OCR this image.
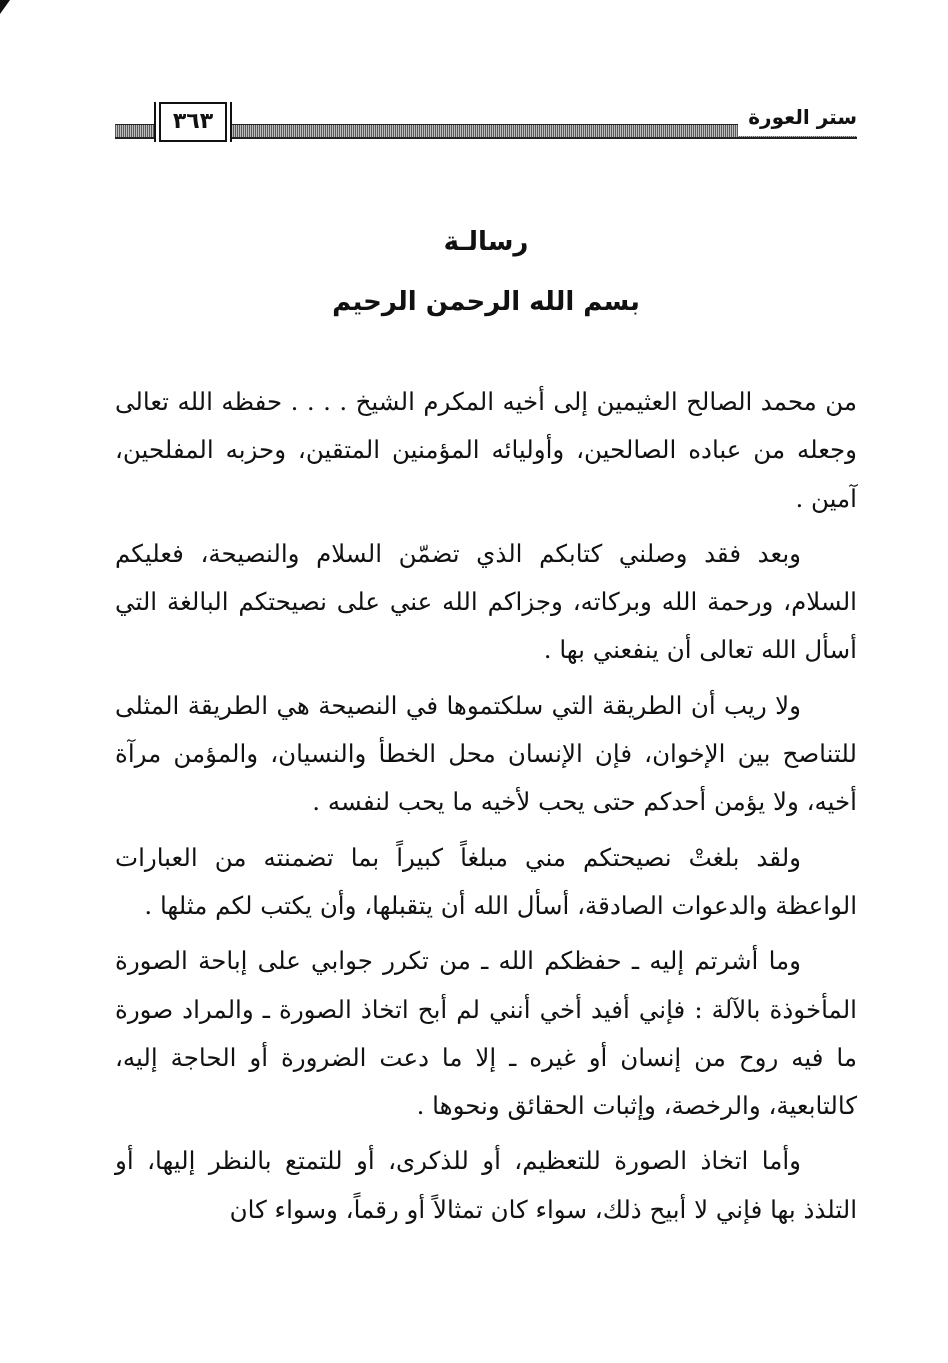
ستر العورة
٣٦٣
رسالـة
بسم الله الرحمن الرحيم

من محمد الصالح العثيمين إلى أخيه المكرم الشيخ . . . . حفظه الله تعالى وجعله من عباده الصالحين، وأوليائه المؤمنين المتقين، وحزبه المفلحين، آمين .

وبعد فقد وصلني كتابكم الذي تضمّن السلام والنصيحة، فعليكم السلام، ورحمة الله وبركاته، وجزاكم الله عني على نصيحتكم البالغة التي أسأل الله تعالى أن ينفعني بها .

ولا ريب أن الطريقة التي سلكتموها في النصيحة هي الطريقة المثلى للتناصح بين الإخوان، فإن الإنسان محل الخطأ والنسيان، والمؤمن مرآة أخيه، ولا يؤمن أحدكم حتى يحب لأخيه ما يحب لنفسه .

ولقد بلغتْ نصيحتكم مني مبلغاً كبيراً بما تضمنته من العبارات الواعظة والدعوات الصادقة، أسأل الله أن يتقبلها، وأن يكتب لكم مثلها .

وما أشرتم إليه ـ حفظكم الله ـ من تكرر جوابي على إباحة الصورة المأخوذة بالآلة : فإني أفيد أخي أنني لم أبح اتخاذ الصورة ـ والمراد صورة ما فيه روح من إنسان أو غيره ـ إلا ما دعت الضرورة أو الحاجة إليه، كالتابعية، والرخصة، وإثبات الحقائق ونحوها .

وأما اتخاذ الصورة للتعظيم، أو للذكرى، أو للتمتع بالنظر إليها، أو التلذذ بها فإني لا أبيح ذلك، سواء كان تمثالاً أو رقماً، وسواء كان
